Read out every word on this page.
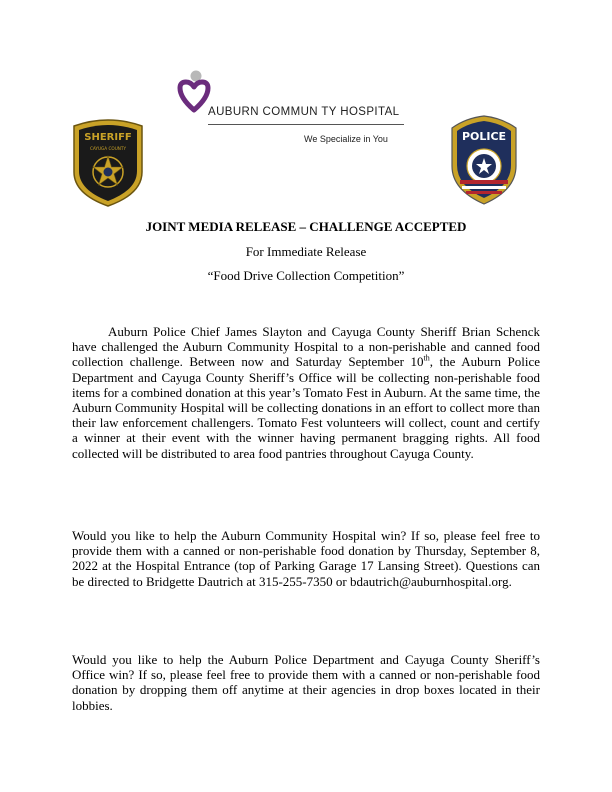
SHERIFF
CAYUGA COUNTY
AUBURN COMMUN TY HOSPITAL
We Specialize in You	POLICE
JOINT MEDIA RELEASE – CHALLENGE ACCEPTED
For Immediate Release
“Food Drive Collection Competition”

Auburn Police Chief James Slayton and Cayuga County Sheriff Brian Schenck have challenged the Auburn Community Hospital to a non-perishable and canned food collection challenge. Between now and Saturday September 10th, the Auburn Police Department and Cayuga County Sheriff’s Office will be collecting non-perishable food items for a combined donation at this year’s Tomato Fest in Auburn. At the same time, the Auburn Community Hospital will be collecting donations in an effort to collect more than their law enforcement challengers. Tomato Fest volunteers will collect, count and certify a winner at their event with the winner having permanent bragging rights. All food collected will be distributed to area food pantries throughout Cayuga County.

Would you like to help the Auburn Community Hospital win? If so, please feel free to provide them with a canned or non-perishable food donation by Thursday, September 8, 2022 at the Hospital Entrance (top of Parking Garage 17 Lansing Street). Questions can be directed to Bridgette Dautrich at 315-255-7350 or bdautrich@auburnhospital.org.

Would you like to help the Auburn Police Department and Cayuga County Sheriff’s Office win? If so, please feel free to provide them with a canned or non-perishable food donation by dropping them off anytime at their agencies in drop boxes located in their lobbies.
